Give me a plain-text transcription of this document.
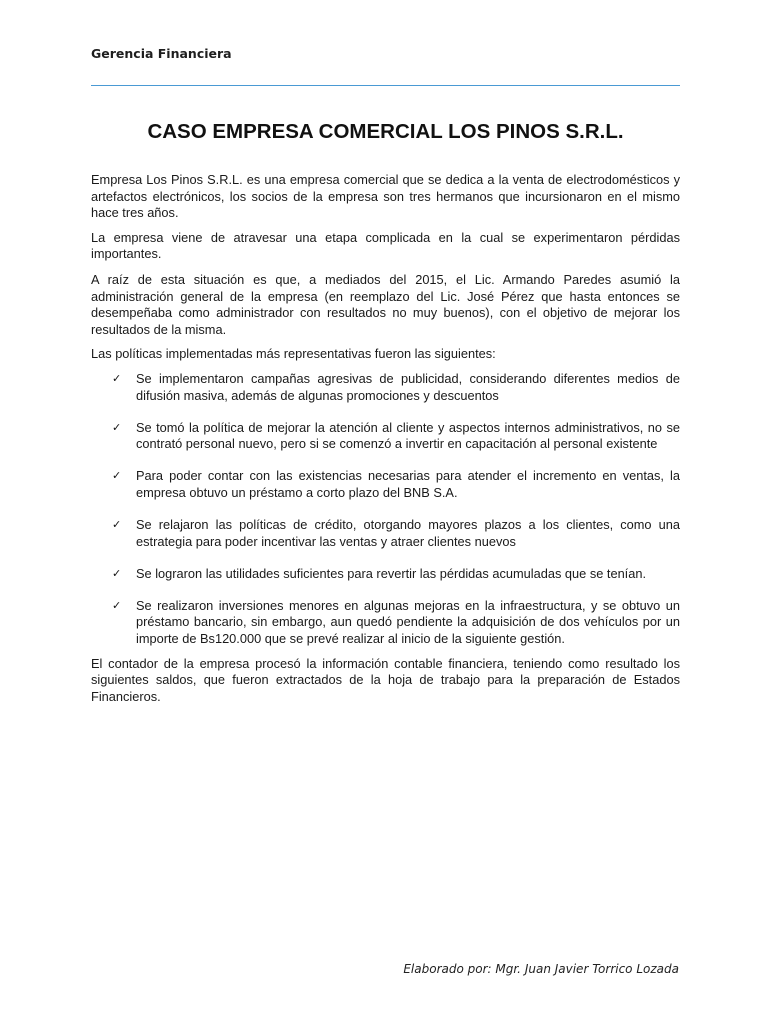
Gerencia Financiera
CASO EMPRESA COMERCIAL LOS PINOS S.R.L.

Empresa Los Pinos S.R.L. es una empresa comercial que se dedica a la venta de electrodomésticos y artefactos electrónicos, los socios de la empresa son tres hermanos que incursionaron en el mismo hace tres años.

La empresa viene de atravesar una etapa complicada en la cual se experimentaron pérdidas importantes.

A raíz de esta situación es que, a mediados del 2015, el Lic. Armando Paredes asumió la administración general de la empresa (en reemplazo del Lic. José Pérez que hasta entonces se desempeñaba como administrador con resultados no muy buenos), con el objetivo de mejorar los resultados de la misma.

Las políticas implementadas más representativas fueron las siguientes:

✓ Se implementaron campañas agresivas de publicidad, considerando diferentes medios de difusión masiva, además de algunas promociones y descuentos
✓ Se tomó la política de mejorar la atención al cliente y aspectos internos administrativos, no se contrató personal nuevo, pero si se comenzó a invertir en capacitación al personal existente
✓ Para poder contar con las existencias necesarias para atender el incremento en ventas, la empresa obtuvo un préstamo a corto plazo del BNB S.A.
✓ Se relajaron las políticas de crédito, otorgando mayores plazos a los clientes, como una estrategia para poder incentivar las ventas y atraer clientes nuevos
✓ Se lograron las utilidades suficientes para revertir las pérdidas acumuladas que se tenían.
✓ Se realizaron inversiones menores en algunas mejoras en la infraestructura, y se obtuvo un préstamo bancario, sin embargo, aun quedó pendiente la adquisición de dos vehículos por un importe de Bs120.000 que se prevé realizar al inicio de la siguiente gestión.

El contador de la empresa procesó la información contable financiera, teniendo como resultado los siguientes saldos, que fueron extractados de la hoja de trabajo para la preparación de Estados Financieros.

Elaborado por: Mgr. Juan Javier Torrico Lozada
